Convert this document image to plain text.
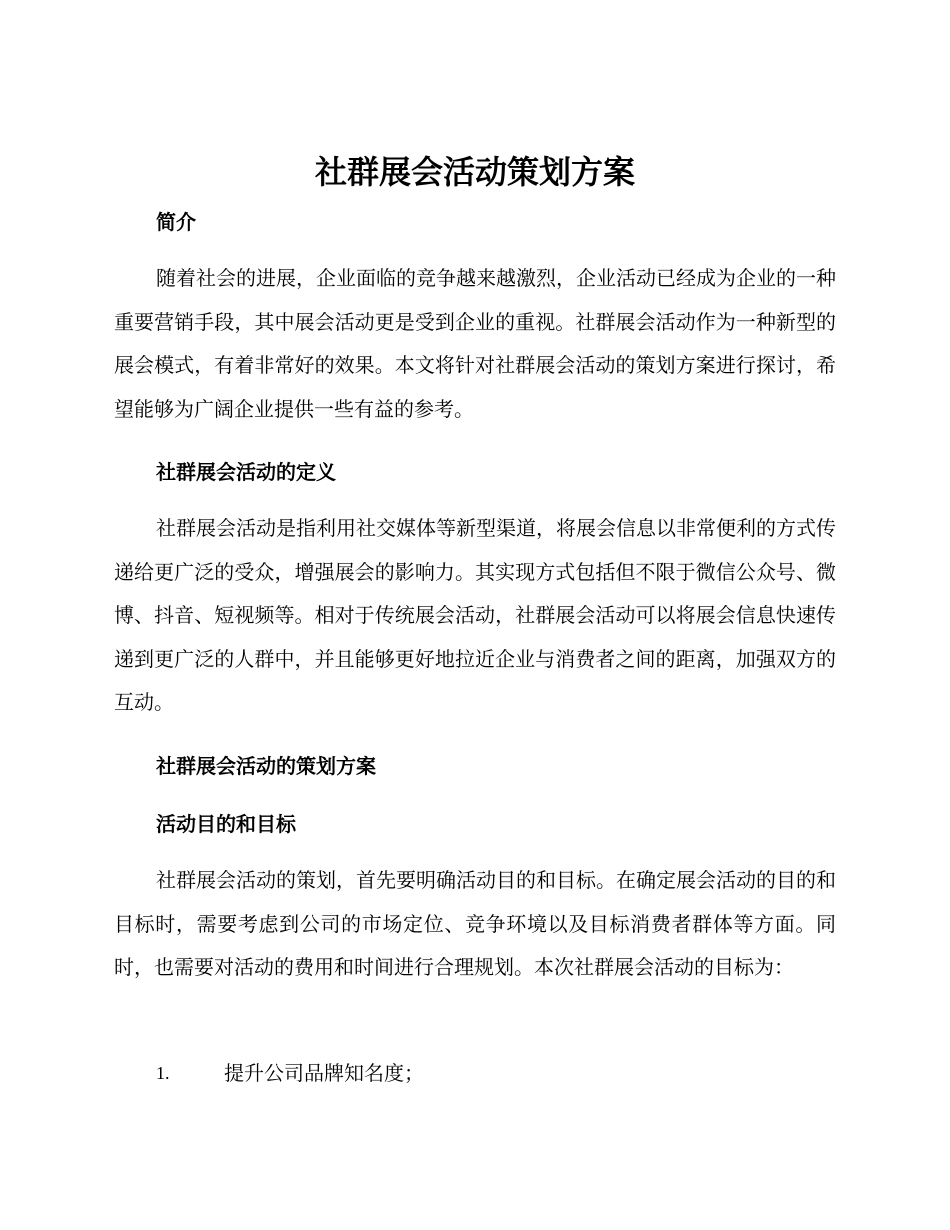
社群展会活动策划方案
简介

随着社会的进展，企业面临的竞争越来越激烈，企业活动已经成为企业的一种重要营销手段，其中展会活动更是受到企业的重视。社群展会活动作为一种新型的展会模式，有着非常好的效果。本文将针对社群展会活动的策划方案进行探讨，希望能够为广阔企业提供一些有益的参考。

社群展会活动的定义

社群展会活动是指利用社交媒体等新型渠道，将展会信息以非常便利的方式传递给更广泛的受众，增强展会的影响力。其实现方式包括但不限于微信公众号、微博、抖音、短视频等。相对于传统展会活动，社群展会活动可以将展会信息快速传递到更广泛的人群中，并且能够更好地拉近企业与消费者之间的距离，加强双方的互动。

社群展会活动的策划方案
活动目的和目标

社群展会活动的策划，首先要明确活动目的和目标。在确定展会活动的目的和目标时，需要考虑到公司的市场定位、竞争环境以及目标消费者群体等方面。同时，也需要对活动的费用和时间进行合理规划。本次社群展会活动的目标为：

1.	提升公司品牌知名度；
